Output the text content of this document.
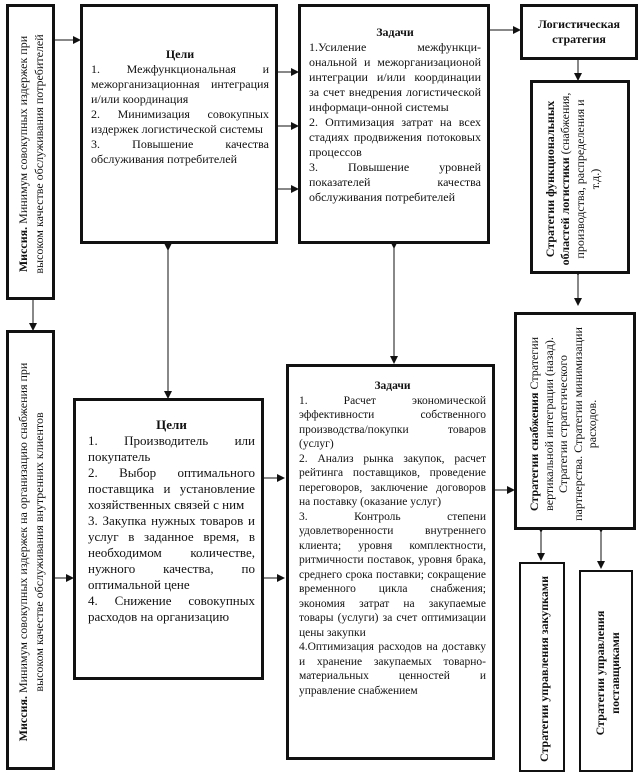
Миссия. Минимум совокупных издержек при высоком качестве обслуживания потребителей	Цели
1. Межфункциональная и межорганизационная интеграция и/или координация
2. Минимизация совокупных издержек логистической системы
3. Повышение качества обслуживания потребителей
Задачи
1.Усиление межфункци-ональной и межорганизационой интеграции и/или координации за счет внедрения логистической информаци-онной системы
2. Оптимизация затрат на всех стадиях продвижения потоковых процессов
3. Повышение уровней показателей качества обслуживания потребителей
Логистическая стратегия
Стратегии функциональных областей логистики (снабжения, производства, распределения и т.д.)
Миссия. Минимум совокупных издержек на организацию снабжения при высоком качестве обслуживания внутренних клиентов	Цели
1. Производитель или покупатель
2. Выбор оптимального поставщика и установление хозяйственных связей с ним
3. Закупка нужных товаров и услуг в заданное время, в необходимом количестве, нужного качества, по оптимальной цене
4. Снижение совокупных расходов на организацию
Задачи
1. Расчет экономической эффективности собственного производства/покупки товаров (услуг)
2. Анализ рынка закупок, расчет рейтинга поставщиков, проведение переговоров, заключение договоров на поставку (оказание услуг)
3. Контроль степени удовлетворенности внутреннего клиента; уровня комплектности, ритмичности поставок, уровня брака, среднего срока поставки; сокращение временного цикла снабжения; экономия затрат на закупаемые товары (услуги) за счет оптимизации цены закупки
4.Оптимизация расходов на доставку и хранение закупаемых товарно-материальных ценностей и управление снабжением
Стратегии снабжения Стратегии вертикальной интеграции (назад). Стратегии стратегического партнерства. Стратегии минимизации расходов.
Стратегии управления закупками	Стратегии управления поставщиками
